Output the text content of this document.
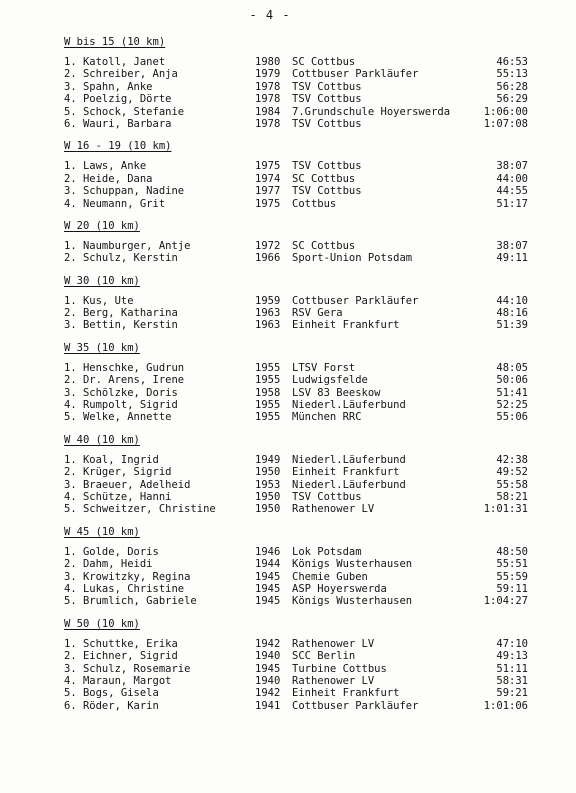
- 4 -
W bis 15 (10 km)
1. Katoll, Janet	1980 SC Cottbus	46:53
2. Schreiber, Anja	1979 Cottbuser Parkläufer	55:13
3. Spahn, Anke	1978 TSV Cottbus	56:28
4. Poelzig, Dörte	1978 TSV Cottbus	56:29
5. Schock, Stefanie	1984 7.Grundschule Hoyerswerda	1:06:00
6. Wauri, Barbara	1978 TSV Cottbus	1:07:08
W 16 - 19 (10 km)
1. Laws, Anke	1975 TSV Cottbus	38:07
2. Heide, Dana	1974 SC Cottbus	44:00
3. Schuppan, Nadine	1977 TSV Cottbus	44:55
4. Neumann, Grit	1975 Cottbus	51:17
W 20 (10 km)
1. Naumburger, Antje	1972 SC Cottbus	38:07
2. Schulz, Kerstin	1966 Sport-Union Potsdam	49:11
W 30 (10 km)
1. Kus, Ute	1959 Cottbuser Parkläufer	44:10
2. Berg, Katharina	1963 RSV Gera	48:16
3. Bettin, Kerstin	1963 Einheit Frankfurt	51:39
W 35 (10 km)
1. Henschke, Gudrun	1955 LTSV Forst	48:05
2. Dr. Arens, Irene	1955 Ludwigsfelde	50:06
3. Schölzke, Doris	1958 LSV 83 Beeskow	51:41
4. Rumpolt, Sigrid	1955 Niederl.Läuferbund	52:25
5. Welke, Annette	1955 München RRC	55:06
W 40 (10 km)
1. Koal, Ingrid	1949 Niederl.Läuferbund	42:38
2. Krüger, Sigrid	1950 Einheit Frankfurt	49:52
3. Braeuer, Adelheid	1953 Niederl.Läuferbund	55:58
4. Schütze, Hanni	1950 TSV Cottbus	58:21
5. Schweitzer, Christine	1950 Rathenower LV	1:01:31
W 45 (10 km)
1. Golde, Doris	1946 Lok Potsdam	48:50
2. Dahm, Heidi	1944 Königs Wusterhausen	55:51
3. Krowitzky, Regina	1945 Chemie Guben	55:59
4. Lukas, Christine	1945 ASP Hoyerswerda	59:11
5. Brumlich, Gabriele	1945 Königs Wusterhausen	1:04:27
W 50 (10 km)
1. Schuttke, Erika	1942 Rathenower LV	47:10
2. Eichner, Sigrid	1940 SCC Berlin	49:13
3. Schulz, Rosemarie	1945 Turbine Cottbus	51:11
4. Maraun, Margot	1940 Rathenower LV	58:31
5. Bogs, Gisela	1942 Einheit Frankfurt	59:21
6. Röder, Karin	1941 Cottbuser Parkläufer	1:01:06
